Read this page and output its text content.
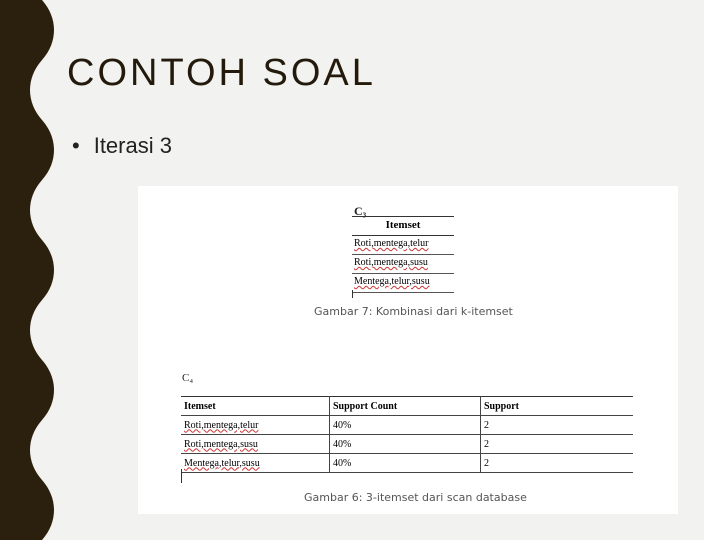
CONTOH SOAL
• Iterasi 3
C₃
Itemset
Roti,mentega,telur
Roti,mentega,susu
Mentega,telur,susu
Gambar 7: Kombinasi dari k-itemset
C₄
Itemset	Support Count	Support
Roti,mentega,telur	40%	2
Roti,mentega,susu	40%	2
Mentega,telur,susu	40%	2
Gambar 6: 3-itemset dari scan database
